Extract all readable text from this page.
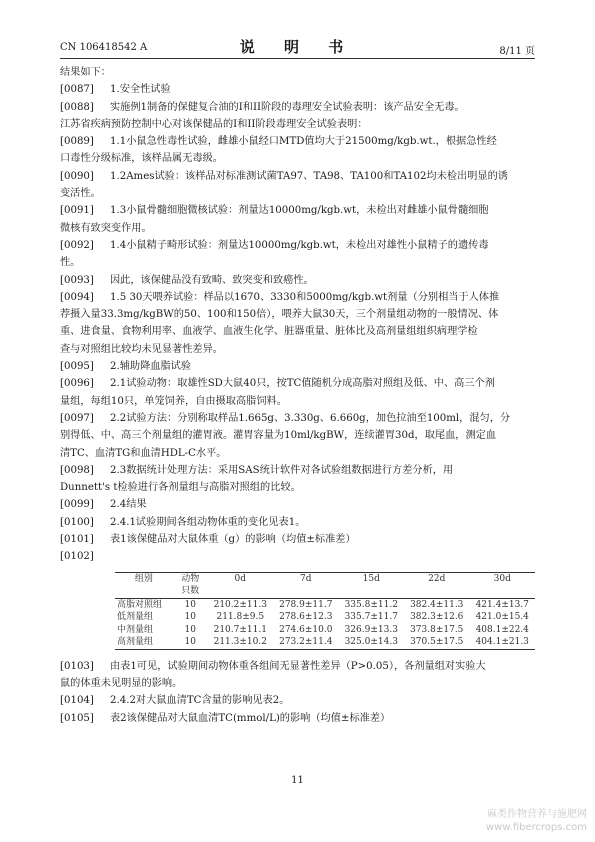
CN 106418542 A	说 明 书	8/11 页
结果如下：
[0087]	1.安全性试验
[0088]	实施例1制备的保健复合油的I和II阶段的毒理安全试验表明：该产品安全无毒。
江苏省疾病预防控制中心对该保健品的I和II阶段毒理安全试验表明：
[0089]	1.1小鼠急性毒性试验，雌雄小鼠经口MTD值均大于21500mg/kgb.wt.，根据急性经
口毒性分级标准，该样品属无毒级。
[0090]	1.2Ames试验：该样品对标准测试菌TA97、TA98、TA100和TA102均未检出明显的诱
变活性。
[0091]	1.3小鼠骨髓细胞微核试验：剂量达10000mg/kgb.wt，未检出对雌雄小鼠骨髓细胞
微核有致突变作用。
[0092]	1.4小鼠精子畸形试验：剂量达10000mg/kgb.wt，未检出对雄性小鼠精子的遗传毒
性。
[0093]	因此，该保健品没有致畸、致突变和致癌性。
[0094]	1.5 30天喂养试验：样品以1670、3330和5000mg/kgb.wt剂量（分别相当于人体推
荐摄入量33.3mg/kgBW的50、100和150倍），喂养大鼠30天，三个剂量组动物的一般情况、体
重、进食量、食物利用率、血液学、血液生化学、脏器重量、脏体比及高剂量组组织病理学检
查与对照组比较均未见显著性差异。
[0095]	2.辅助降血脂试验
[0096]	2.1试验动物：取雄性SD大鼠40只，按TC值随机分成高脂对照组及低、中、高三个剂
量组，每组10只，单笼饲养，自由摄取高脂饲料。
[0097]	2.2试验方法：分别称取样品1.665g、3.330g、6.660g，加色拉油至100ml，混匀，分
别得低、中、高三个剂量组的灌胃液。灌胃容量为10ml/kgBW，连续灌胃30d，取尾血，测定血
清TC、血清TG和血清HDL-C水平。
[0098]	2.3数据统计处理方法：采用SAS统计软件对各试验组数据进行方差分析，用
Dunnett's t检验进行各剂量组与高脂对照组的比较。
[0099]	2.4结果
[0100]	2.4.1试验期间各组动物体重的变化见表1。
[0101]	表1该保健品对大鼠体重（g）的影响（均值±标准差）
[0102]
组别	动物	0d	7d	15d	22d	30d
	只数					
高脂对照组	10	210.2±11.3	278.9±11.7	335.8±11.2	382.4±11.3	421.4±13.7
低剂量组	10	211.8±9.5	278.6±12.3	335.7±11.7	382.3±12.6	421.0±15.4
中剂量组	10	210.7±11.1	274.6±10.0	326.9±13.3	373.8±17.5	408.1±22.4
高剂量组	10	211.3±10.2	273.2±11.4	325.0±14.3	370.5±17.5	404.1±21.3
[0103]	由表1可见，试验期间动物体重各组间无显著性差异（P>0.05），各剂量组对实验大
鼠的体重未见明显的影响。
[0104]	2.4.2对大鼠血清TC含量的影响见表2。
[0105]	表2该保健品对大鼠血清TC(mmol/L)的影响（均值±标准差）
11
麻类作物营养与施肥网
www.fibercrops.com
